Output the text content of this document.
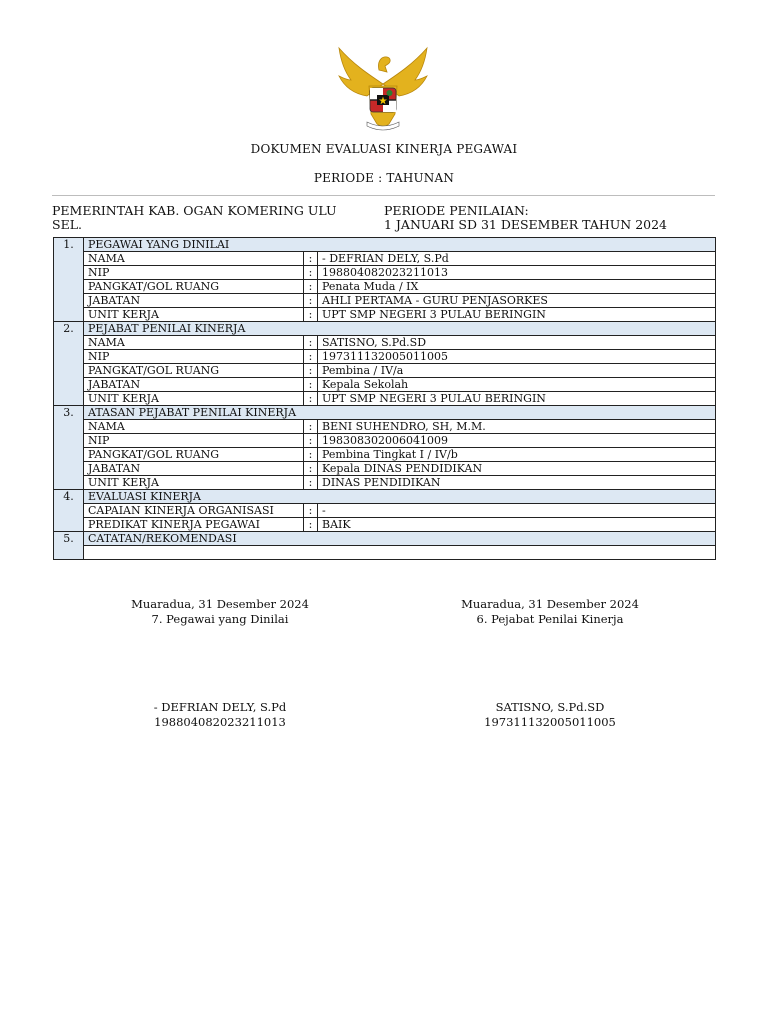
DOKUMEN EVALUASI KINERJA PEGAWAI
PERIODE : TAHUNAN
PEMERINTAH KAB. OGAN KOMERING ULU
SEL.
PERIODE PENILAIAN:
1 JANUARI SD 31 DESEMBER TAHUN 2024
1.	PEGAWAI YANG DINILAI		
	NAMA	:	- DEFRIAN DELY, S.Pd
	NIP	:	198804082023211013
	PANGKAT/GOL RUANG	:	Penata Muda / IX
	JABATAN	:	AHLI PERTAMA - GURU PENJASORKES
	UNIT KERJA	:	UPT SMP NEGERI 3 PULAU BERINGIN
2.	PEJABAT PENILAI KINERJA		
	NAMA	:	SATISNO, S.Pd.SD
	NIP	:	197311132005011005
	PANGKAT/GOL RUANG	:	Pembina / IV/a
	JABATAN	:	Kepala Sekolah
	UNIT KERJA	:	UPT SMP NEGERI 3 PULAU BERINGIN
3.	ATASAN PEJABAT PENILAI KINERJA		
	NAMA	:	BENI SUHENDRO, SH, M.M.
	NIP	:	198308302006041009
	PANGKAT/GOL RUANG	:	Pembina Tingkat I / IV/b
	JABATAN	:	Kepala DINAS PENDIDIKAN
	UNIT KERJA	:	DINAS PENDIDIKAN
4.	EVALUASI KINERJA		
	CAPAIAN KINERJA ORGANISASI	:	-
	PREDIKAT KINERJA PEGAWAI	:	BAIK
5.	CATATAN/REKOMENDASI		

Muaradua, 31 Desember 2024
7. Pegawai yang Dinilai
- DEFRIAN DELY, S.Pd
198804082023211013
Muaradua, 31 Desember 2024
6. Pejabat Penilai Kinerja
SATISNO, S.Pd.SD
197311132005011005
